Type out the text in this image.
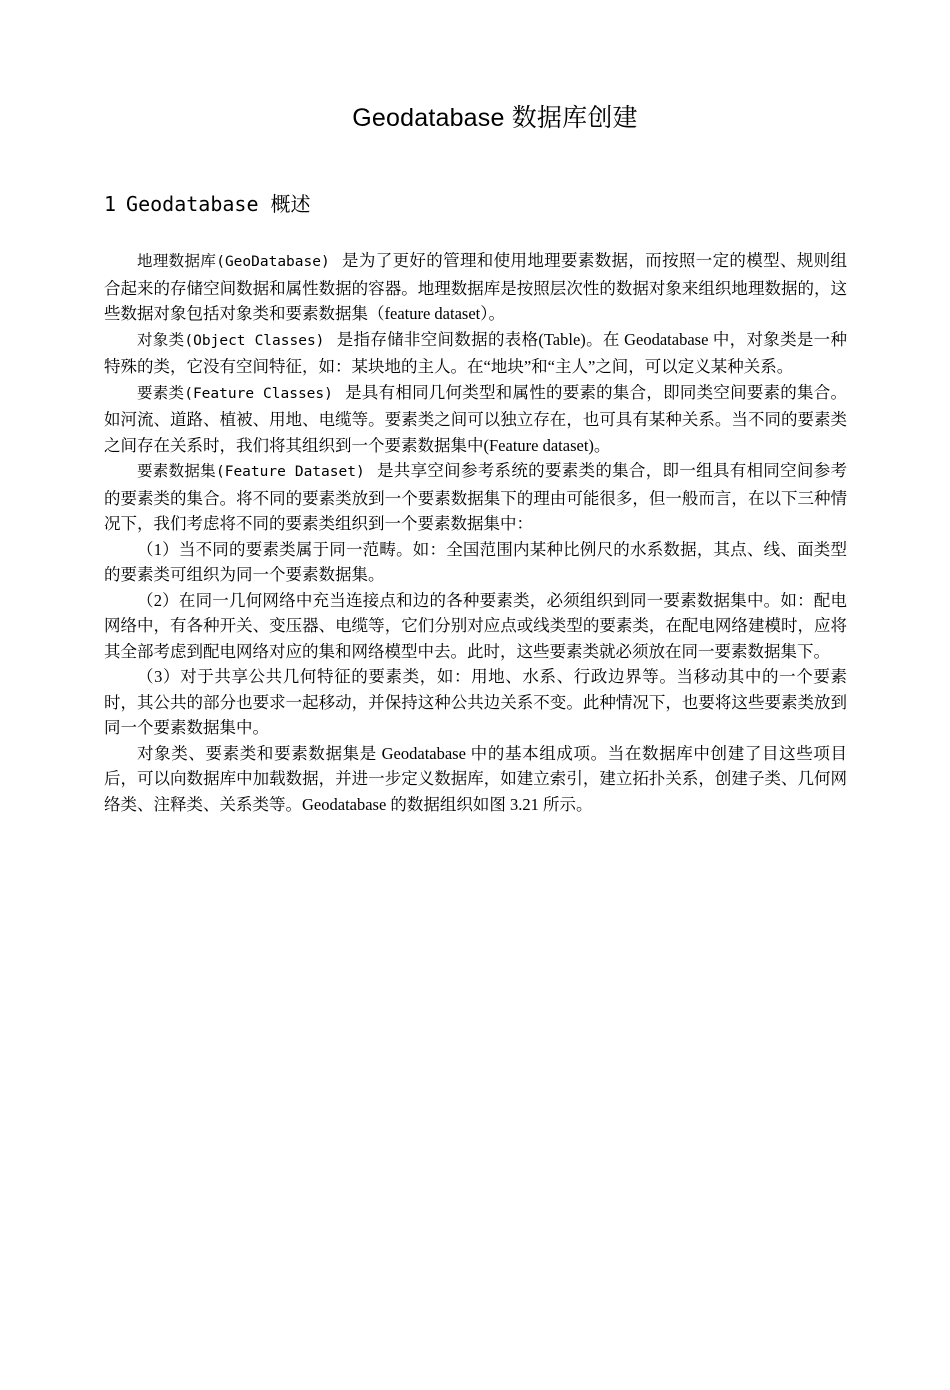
Geodatabase 数据库创建
1 Geodatabase 概述

地理数据库(GeoDatabase) 是为了更好的管理和使用地理要素数据，而按照一定的模型、规则组合起来的存储空间数据和属性数据的容器。地理数据库是按照层次性的数据对象来组织地理数据的，这些数据对象包括对象类和要素数据集（feature dataset）。

对象类(Object Classes) 是指存储非空间数据的表格(Table)。在 Geodatabase 中，对象类是一种特殊的类，它没有空间特征，如：某块地的主人。在“地块”和“主人”之间，可以定义某种关系。

要素类(Feature Classes) 是具有相同几何类型和属性的要素的集合，即同类空间要素的集合。如河流、道路、植被、用地、电缆等。要素类之间可以独立存在，也可具有某种关系。当不同的要素类之间存在关系时，我们将其组织到一个要素数据集中(Feature dataset)。

要素数据集(Feature Dataset) 是共享空间参考系统的要素类的集合，即一组具有相同空间参考的要素类的集合。将不同的要素类放到一个要素数据集下的理由可能很多，但一般而言，在以下三种情况下，我们考虑将不同的要素类组织到一个要素数据集中：

（1）当不同的要素类属于同一范畴。如：全国范围内某种比例尺的水系数据，其点、线、面类型的要素类可组织为同一个要素数据集。

（2）在同一几何网络中充当连接点和边的各种要素类，必须组织到同一要素数据集中。如：配电网络中，有各种开关、变压器、电缆等，它们分别对应点或线类型的要素类，在配电网络建模时，应将其全部考虑到配电网络对应的集和网络模型中去。此时，这些要素类就必须放在同一要素数据集下。

（3）对于共享公共几何特征的要素类，如：用地、水系、行政边界等。当移动其中的一个要素时，其公共的部分也要求一起移动，并保持这种公共边关系不变。此种情况下，也要将这些要素类放到同一个要素数据集中。

对象类、要素类和要素数据集是 Geodatabase 中的基本组成项。当在数据库中创建了目这些项目后，可以向数据库中加载数据，并进一步定义数据库，如建立索引，建立拓扑关系，创建子类、几何网络类、注释类、关系类等。Geodatabase 的数据组织如图 3.21 所示。
